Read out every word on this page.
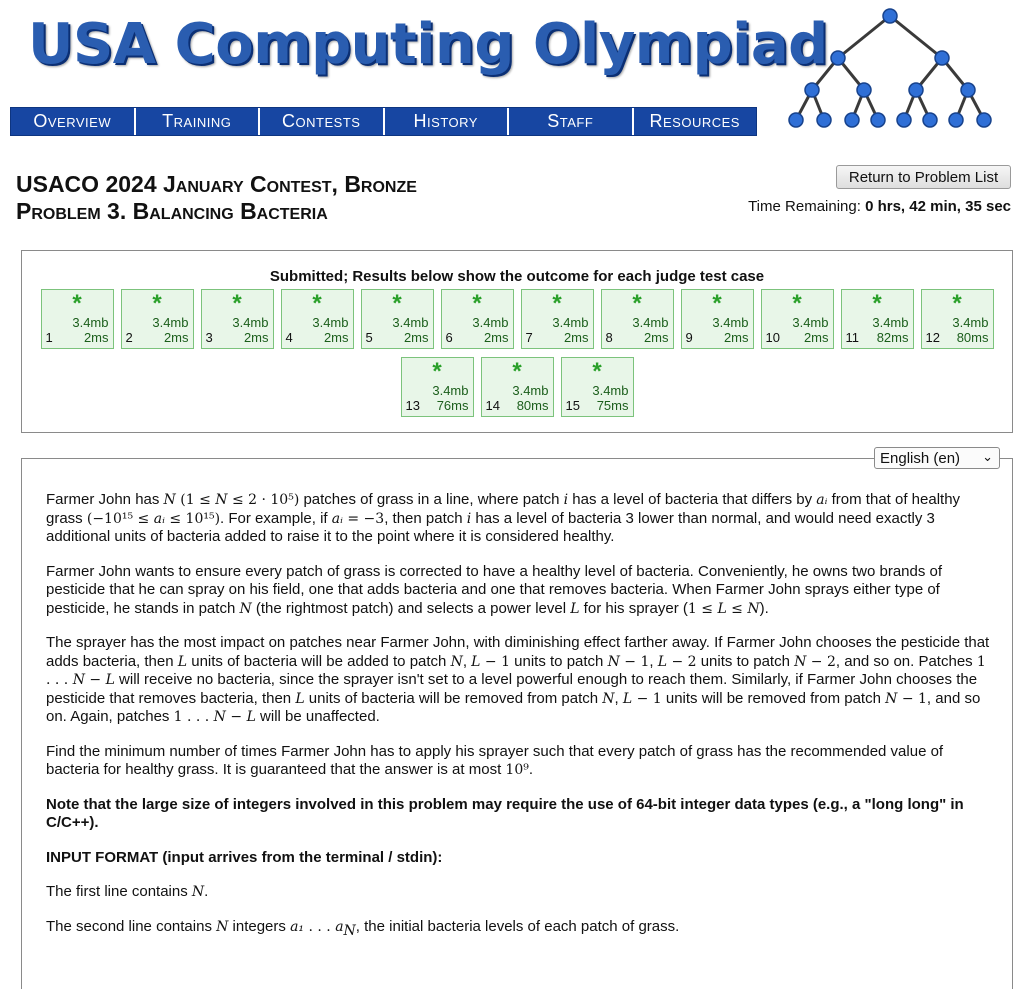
USA Computing Olympiad
Overview	Training	Contests	History	Staff	Resources
USACO 2024 January Contest, Bronze
Problem 3. Balancing Bacteria
Return to Problem List
Time Remaining: 0 hrs, 42 min, 35 sec
Submitted; Results below show the outcome for each judge test case
*
3.4mb
1 2ms
*
3.4mb
2 2ms
*
3.4mb
3 2ms
*
3.4mb
4 2ms
*
3.4mb
5 2ms
*
3.4mb
6 2ms
*
3.4mb
7 2ms
*
3.4mb
8 2ms
*
3.4mb
9 2ms
*
3.4mb
10 2ms
*
3.4mb
11 82ms
*
3.4mb
12 80ms
*
3.4mb
13 76ms
*
3.4mb
14 80ms
*
3.4mb
15 75ms

Farmer John has N (1 ≤ N ≤ 2 · 10⁵) patches of grass in a line, where patch i has a level of bacteria that differs by aᵢ from that of healthy grass (−10¹⁵ ≤ aᵢ ≤ 10¹⁵). For example, if aᵢ = −3, then patch i has a level of bacteria 3 lower than normal, and would need exactly 3 additional units of bacteria added to raise it to the point where it is considered healthy.

Farmer John wants to ensure every patch of grass is corrected to have a healthy level of bacteria. Conveniently, he owns two brands of pesticide that he can spray on his field, one that adds bacteria and one that removes bacteria. When Farmer John sprays either type of pesticide, he stands in patch N (the rightmost patch) and selects a power level L for his sprayer (1 ≤ L ≤ N).

The sprayer has the most impact on patches near Farmer John, with diminishing effect farther away. If Farmer John chooses the pesticide that adds bacteria, then L units of bacteria will be added to patch N, L − 1 units to patch N − 1, L − 2 units to patch N − 2, and so on. Patches 1 . . . N − L will receive no bacteria, since the sprayer isn't set to a level powerful enough to reach them. Similarly, if Farmer John chooses the pesticide that removes bacteria, then L units of bacteria will be removed from patch N, L − 1 units will be removed from patch N − 1, and so on. Again, patches 1 . . . N − L will be unaffected.

Find the minimum number of times Farmer John has to apply his sprayer such that every patch of grass has the recommended value of bacteria for healthy grass. It is guaranteed that the answer is at most 10⁹.

Note that the large size of integers involved in this problem may require the use of 64-bit integer data types (e.g., a "long long" in C/C++).

INPUT FORMAT (input arrives from the terminal / stdin):

The first line contains N.

The second line contains N integers a₁ . . . $a_N$, the initial bacteria levels of each patch of grass.

English (en) ⌄
